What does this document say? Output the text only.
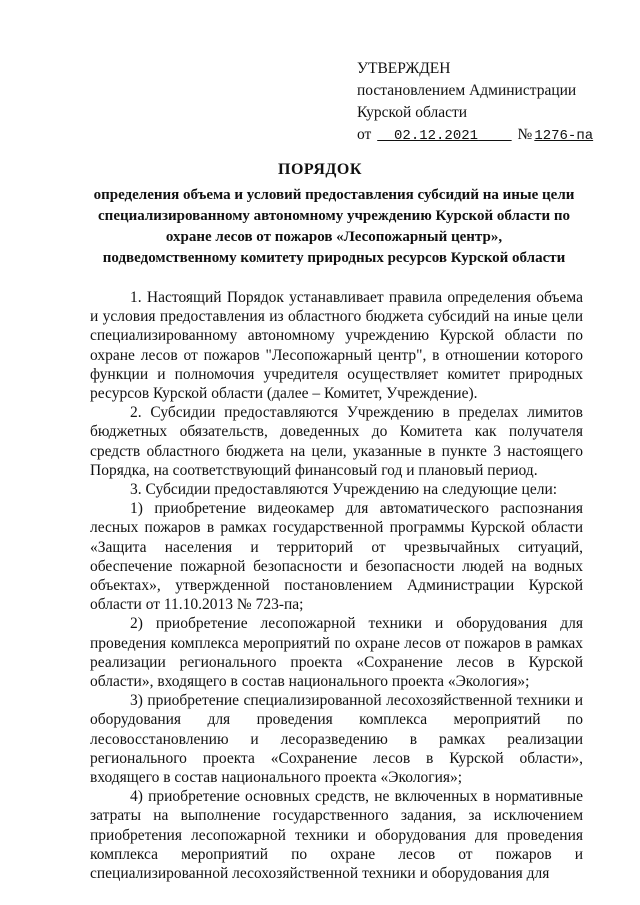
УТВЕРЖДЕН
постановлением Администрации
Курской области
от 02.12.2021	№ 1276-па
ПОРЯДОК
определения объема и условий предоставления субсидий на иные цели
специализированному автономному учреждению Курской области по
охране лесов от пожаров «Лесопожарный центр»,
подведомственному комитету природных ресурсов Курской области

1. Настоящий Порядок устанавливает правила определения объема и условия предоставления из областного бюджета субсидий на иные цели специализированному автономному учреждению Курской области по охране лесов от пожаров "Лесопожарный центр", в отношении которого функции и полномочия учредителя осуществляет комитет природных ресурсов Курской области (далее – Комитет, Учреждение).

2. Субсидии предоставляются Учреждению в пределах лимитов бюджетных обязательств, доведенных до Комитета как получателя средств областного бюджета на цели, указанные в пункте 3 настоящего Порядка, на соответствующий финансовый год и плановый период.

3. Субсидии предоставляются Учреждению на следующие цели:

1) приобретение видеокамер для автоматического распознания лесных пожаров в рамках государственной программы Курской области «Защита населения и территорий от чрезвычайных ситуаций, обеспечение пожарной безопасности и безопасности людей на водных объектах», утвержденной постановлением Администрации Курской области от 11.10.2013 № 723-па;

2) приобретение лесопожарной техники и оборудования для проведения комплекса мероприятий по охране лесов от пожаров в рамках реализации регионального проекта «Сохранение лесов в Курской области», входящего в состав национального проекта «Экология»;

3) приобретение специализированной лесохозяйственной техники и оборудования для проведения комплекса мероприятий по лесовосстановлению и лесоразведению в рамках реализации регионального проекта «Сохранение лесов в Курской области», входящего в состав национального проекта «Экология»;

4) приобретение основных средств, не включенных в нормативные затраты на выполнение государственного задания, за исключением приобретения лесопожарной техники и оборудования для проведения комплекса мероприятий по охране лесов от пожаров и специализированной лесохозяйственной техники и оборудования для
